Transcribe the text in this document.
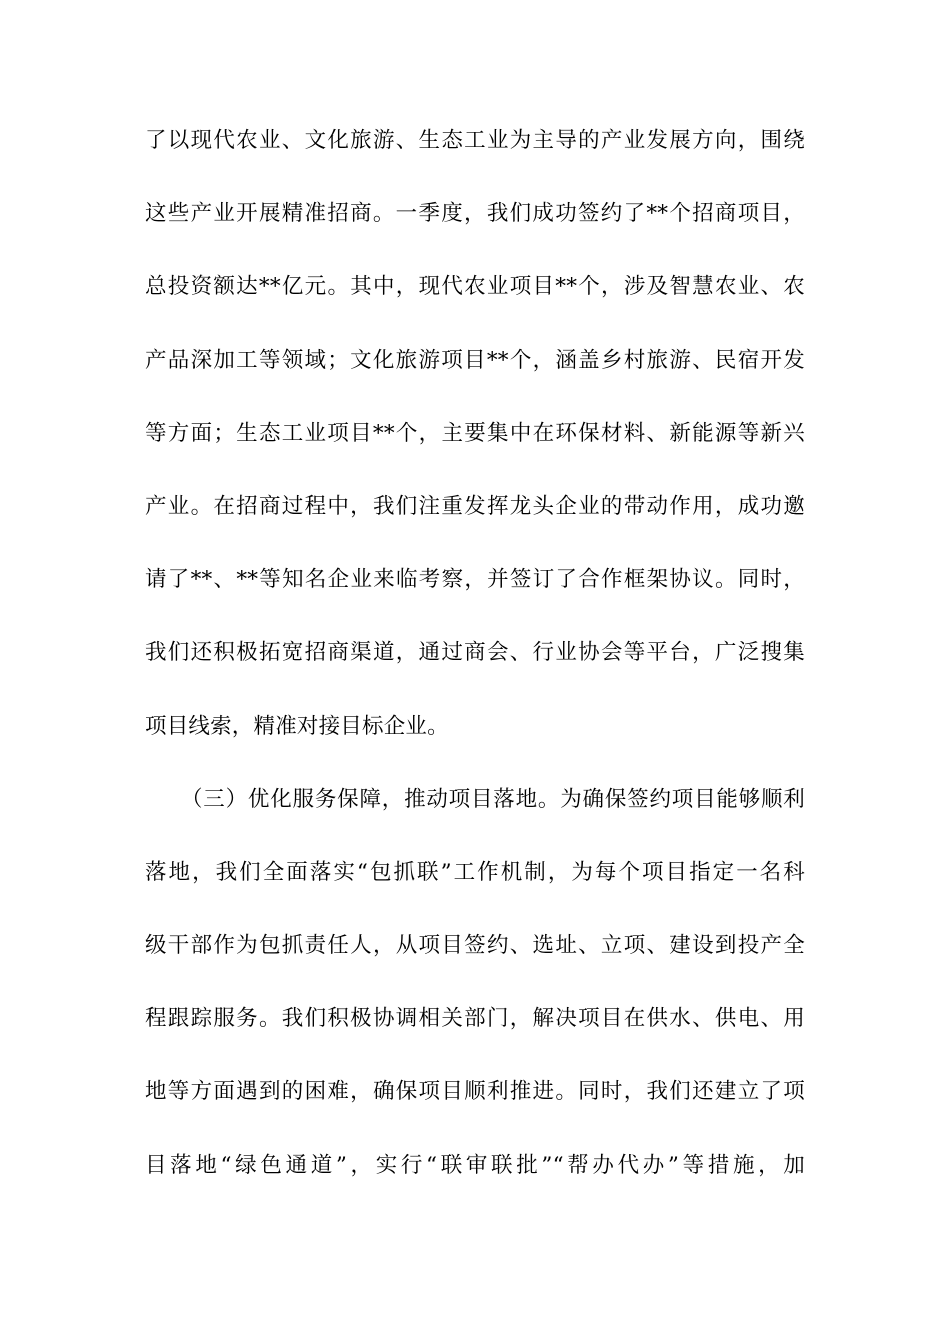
了以现代农业、文化旅游、生态工业为主导的产业发展方向，围绕
这些产业开展精准招商。一季度，我们成功签约了**个招商项目，
总投资额达**亿元。其中，现代农业项目**个，涉及智慧农业、农
产品深加工等领域；文化旅游项目**个，涵盖乡村旅游、民宿开发
等方面；生态工业项目**个，主要集中在环保材料、新能源等新兴
产业。在招商过程中，我们注重发挥龙头企业的带动作用，成功邀
请了**、**等知名企业来临考察，并签订了合作框架协议。同时，
我们还积极拓宽招商渠道，通过商会、行业协会等平台，广泛搜集
项目线索，精准对接目标企业。
（三）优化服务保障，推动项目落地。为确保签约项目能够顺利
落地，我们全面落实“包抓联”工作机制，为每个项目指定一名科
级干部作为包抓责任人，从项目签约、选址、立项、建设到投产全
程跟踪服务。我们积极协调相关部门，解决项目在供水、供电、用
地等方面遇到的困难，确保项目顺利推进。同时，我们还建立了项
目落地“绿色通道”，实行“联审联批”“帮办代办”等措施，加
